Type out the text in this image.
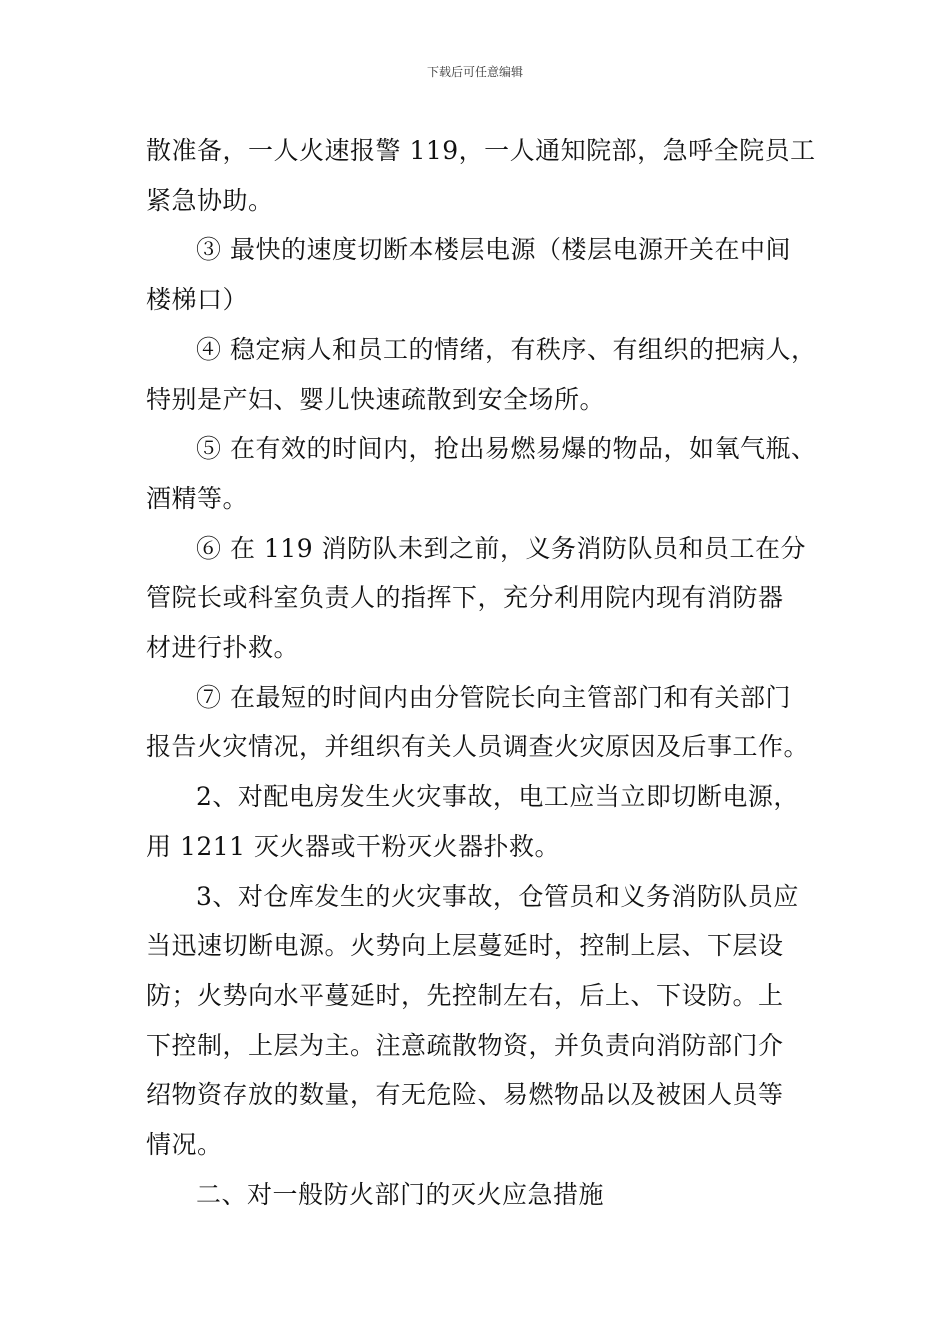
下载后可任意编辑
散准备，一人火速报警 119，一人通知院部，急呼全院员工
紧急协助。
③ 最快的速度切断本楼层电源（楼层电源开关在中间
楼梯口）
④ 稳定病人和员工的情绪，有秩序、有组织的把病人，
特别是产妇、婴儿快速疏散到安全场所。
⑤ 在有效的时间内，抢出易燃易爆的物品，如氧气瓶、
酒精等。
⑥ 在 119 消防队未到之前，义务消防队员和员工在分
管院长或科室负责人的指挥下，充分利用院内现有消防器
材进行扑救。
⑦ 在最短的时间内由分管院长向主管部门和有关部门
报告火灾情况，并组织有关人员调查火灾原因及后事工作。
2、对配电房发生火灾事故，电工应当立即切断电源，
用 1211 灭火器或干粉灭火器扑救。
3、对仓库发生的火灾事故，仓管员和义务消防队员应
当迅速切断电源。火势向上层蔓延时，控制上层、下层设
防；火势向水平蔓延时，先控制左右，后上、下设防。上
下控制，上层为主。注意疏散物资，并负责向消防部门介
绍物资存放的数量，有无危险、易燃物品以及被困人员等
情况。
二、对一般防火部门的灭火应急措施
